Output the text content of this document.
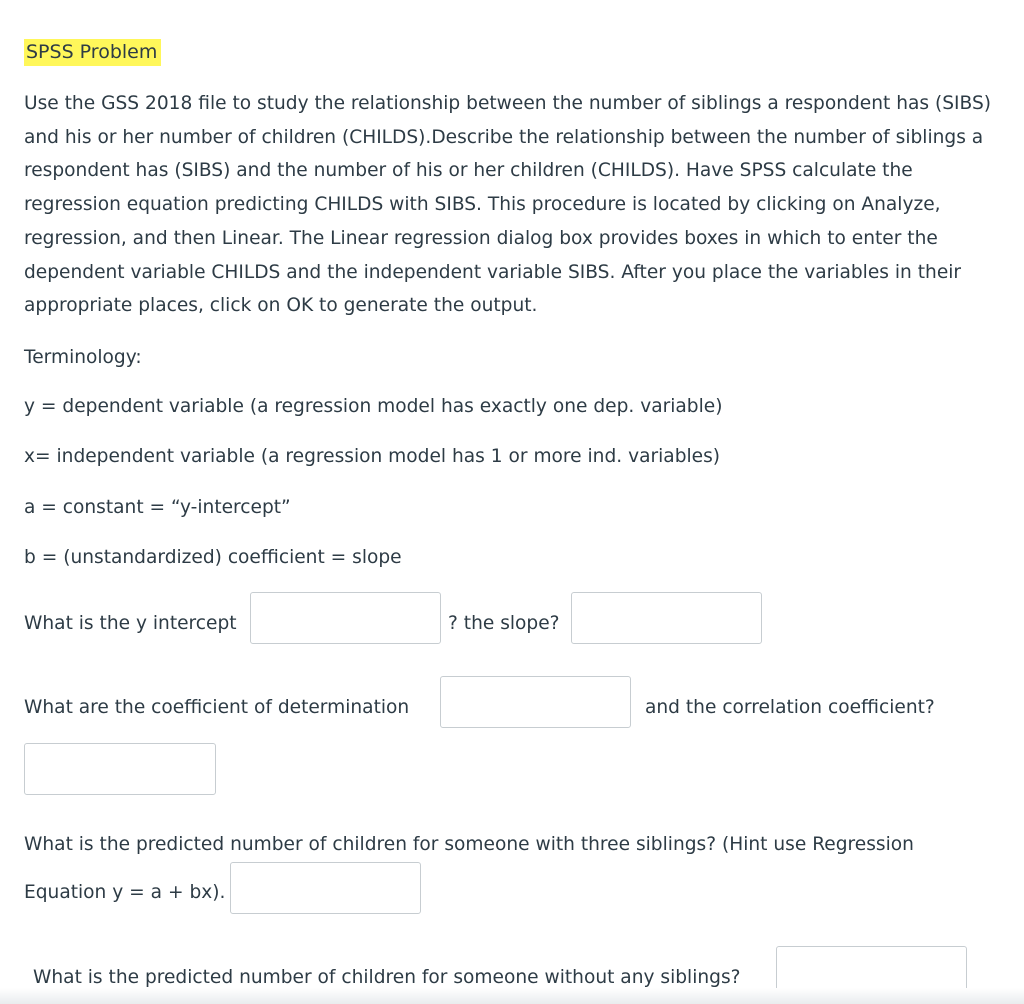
SPSS Problem

Use the GSS 2018 file to study the relationship between the number of siblings a respondent has (SIBS) and his or her number of children (CHILDS).Describe the relationship between the number of siblings a respondent has (SIBS) and the number of his or her children (CHILDS). Have SPSS calculate the regression equation predicting CHILDS with SIBS. This procedure is located by clicking on Analyze, regression, and then Linear. The Linear regression dialog box provides boxes in which to enter the dependent variable CHILDS and the independent variable SIBS. After you place the variables in their appropriate places, click on OK to generate the output.

Terminology:

y = dependent variable (a regression model has exactly one dep. variable)

x= independent variable (a regression model has 1 or more ind. variables)

a = constant = “y-intercept”

b = (unstandardized) coefficient = slope

What is the y intercept	? the slope?
What are the coefficient of determination	and the correlation coefficient?
What is the predicted number of children for someone with three siblings? (Hint use Regression
Equation y = a + bx).
What is the predicted number of children for someone without any siblings?
